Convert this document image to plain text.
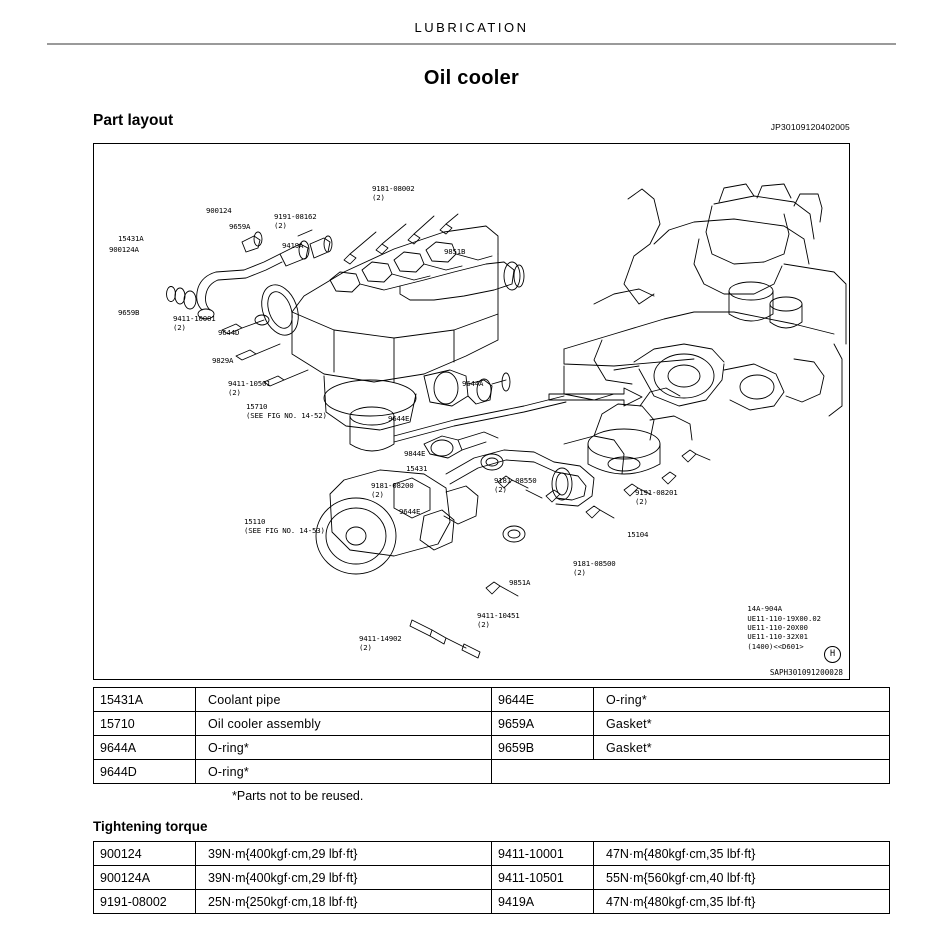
LUBRICATION
Oil cooler
Part layout	JP30109120402005
9181-08002
(2)
900124
9191-08162
(2)
9659A
15431A
900124A	9419A
9851B
9659B
9411-10001
(2)
9644D
9829A
9411-10501
(2)
15710
(SEE FIG NO. 14-52)
9644A
9644E
9844E
15431
9181-08200
(2)
9181-08550
(2)	9191-08201
(2)
9644E
15104
15110
(SEE FIG NO. 14-53)
9181-08500
(2)
9851A
9411-10451
(2)
9411-14902
(2)
14A-904A
UE11-110-19X00.02
UE11-110-20X00
UE11-110-32X01
(1400)<<D601>
H
SAPH301091200028
15431A	Coolant pipe	9644E	O-ring*
15710	Oil cooler assembly	9659A	Gasket*
9644A	O-ring*	9659B	Gasket*
9644D	O-ring*		
*Parts not to be reused.
Tightening torque
900124	39N·m{400kgf·cm,29 lbf·ft}	9411-10001	47N·m{480kgf·cm,35 lbf·ft}
900124A	39N·m{400kgf·cm,29 lbf·ft}	9411-10501	55N·m{560kgf·cm,40 lbf·ft}
9191-08002	25N·m{250kgf·cm,18 lbf·ft}	9419A	47N·m{480kgf·cm,35 lbf·ft}
